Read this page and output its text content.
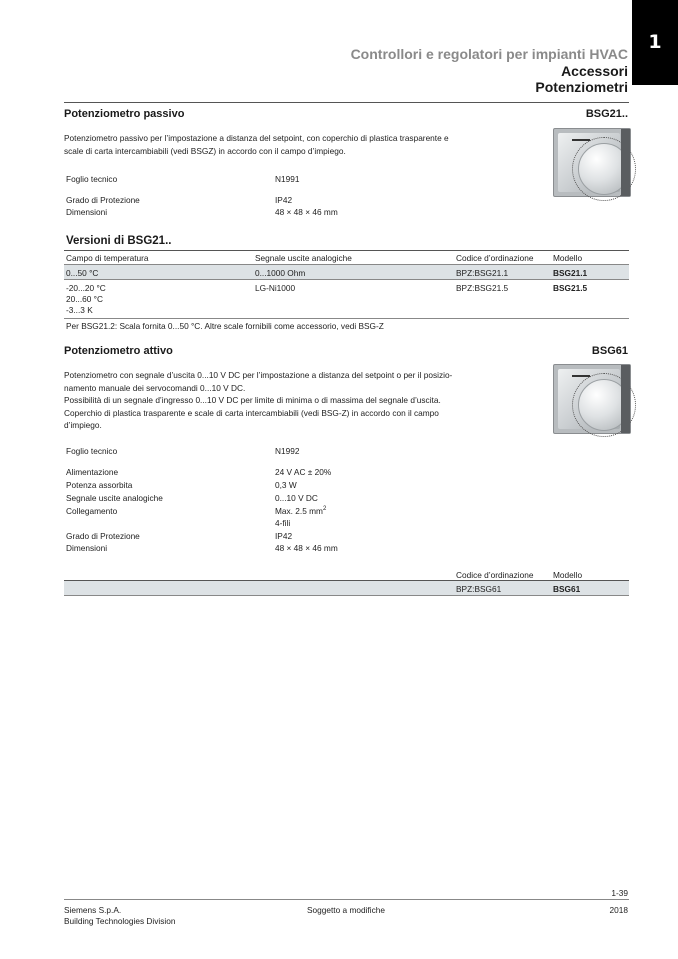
1
Controllori e regolatori per impianti HVAC
Accessori
Potenziometri
Potenziometro passivo	BSG21..
Potenziometro passivo per l’impostazione a distanza del setpoint, con coperchio di plastica trasparente e
scale di carta intercambiabili (vedi BSGZ) in accordo con il campo d’impiego.
Foglio tecnico	N1991
Grado di Protezione	IP42
Dimensioni	48 × 48 × 46 mm
Versioni di BSG21..
Campo di temperatura	Segnale uscite analogiche	Codice d’ordinazione Modello
0...50 °C	0...1000 Ohm	BPZ:BSG21.1	BSG21.1
-20...20 °C
20...60 °C
-3...3 K
LG-Ni1000	BPZ:BSG21.5	BSG21.5
Per BSG21.2: Scala fornita 0...50 °C. Altre scale fornibili come accessorio, vedi BSG-Z
Potenziometro attivo	BSG61
Potenziometro con segnale d’uscita 0...10 V DC per l’impostazione a distanza del setpoint o per il posizio-
namento manuale dei servocomandi 0...10 V DC.
Possibilità di un segnale d’ingresso 0...10 V DC per limite di minima o di massima del segnale d’uscita.
Coperchio di plastica trasparente e scale di carta intercambiabili (vedi BSG-Z) in accordo con il campo
d’impiego.
Foglio tecnico	N1992
Alimentazione	24 V AC ± 20%
Potenza assorbita	0,3 W
Segnale uscite analogiche	0...10 V DC
Collegamento	Max. 2.5 $mm^2$
4-fili
Grado di Protezione	IP42
Dimensioni	48 × 48 × 46 mm
Codice d’ordinazione Modello
BPZ:BSG61	BSG61
1-39
Siemens S.p.A.
Building Technologies Division
Soggetto a modifiche	2018
